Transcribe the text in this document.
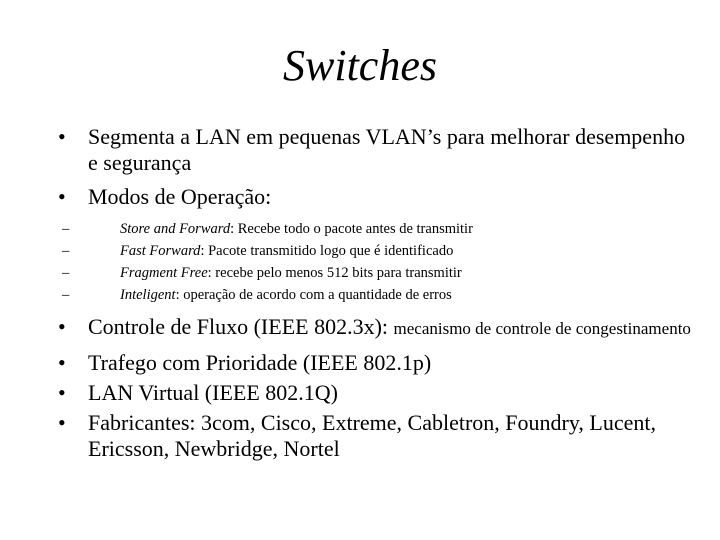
Switches
•	Segmenta a LAN em pequenas VLAN’s para melhorar desempenho e segurança
•	Modos de Operação:
–	Store and Forward: Recebe todo o pacote antes de transmitir
–	Fast Forward: Pacote transmitido logo que é identificado
–	Fragment Free: recebe pelo menos 512 bits para transmitir
–	Inteligent: operação de acordo com a quantidade de erros
•	Controle de Fluxo (IEEE 802.3x): mecanismo de controle de congestinamento
•	Trafego com Prioridade (IEEE 802.1p)
•	LAN Virtual (IEEE 802.1Q)
•	Fabricantes: 3com, Cisco, Extreme, Cabletron, Foundry, Lucent, Ericsson, Newbridge, Nortel
